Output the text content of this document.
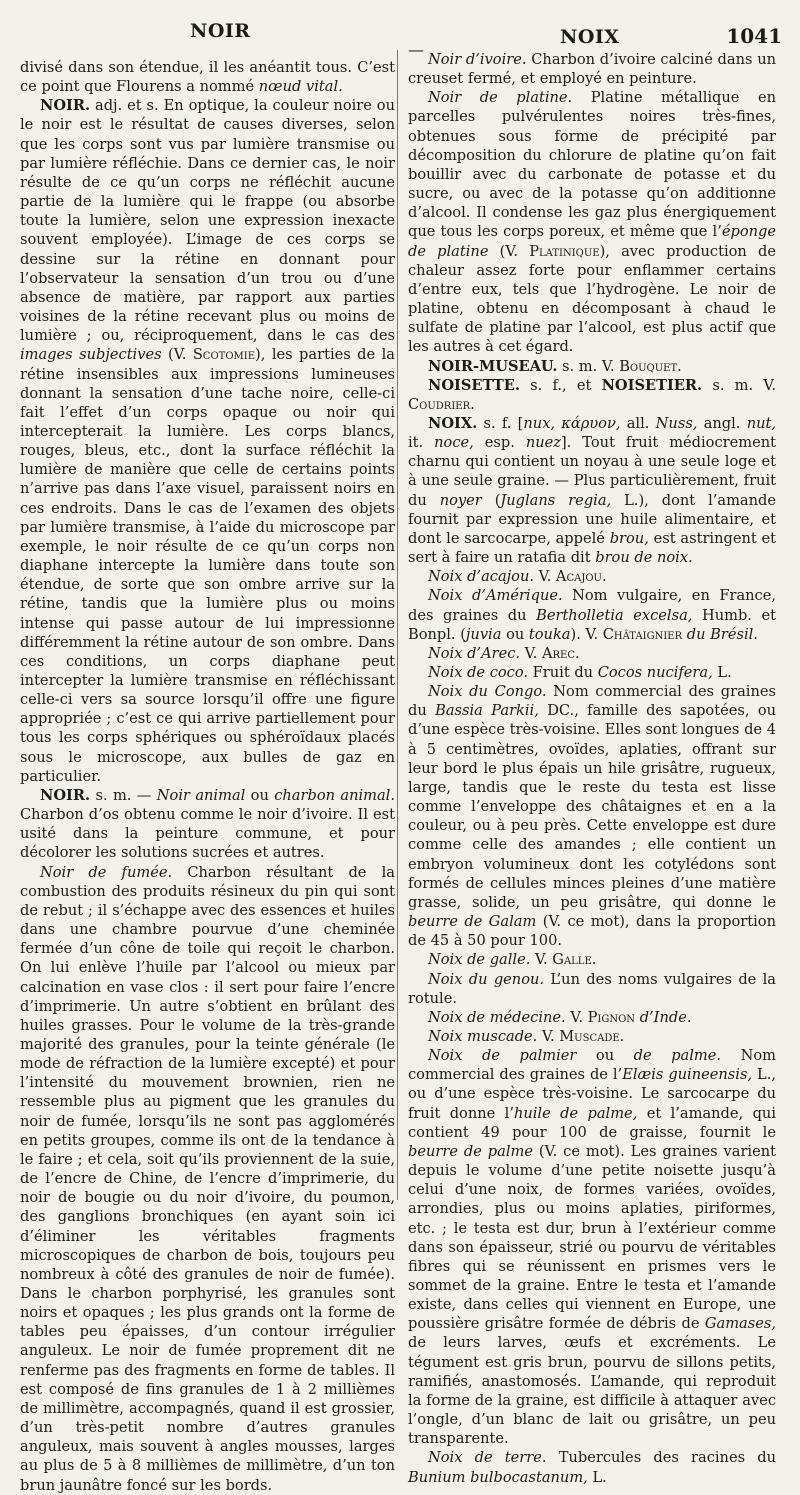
NOIR
—
NOIX	1041

divisé dans son étendue, il les anéantit tous. C’est ce point que Flourens a nommé nœud vital.

NOIR. adj. et s. En optique, la couleur noire ou le noir est le résultat de causes diverses, selon que les corps sont vus par lumière transmise ou par lumière réfléchie. Dans ce dernier cas, le noir résulte de ce qu’un corps ne réfléchit aucune partie de la lumière qui le frappe (ou absorbe toute la lumière, selon une expression inexacte souvent employée). L’image de ces corps se dessine sur la rétine en donnant pour l’observateur la sensation d’un trou ou d’une absence de matière, par rapport aux parties voisines de la rétine recevant plus ou moins de lumière ; ou, réciproquement, dans le cas des images subjectives (V. Scotomie), les parties de la rétine insensibles aux impressions lumineuses donnant la sensation d’une tache noire, celle-ci fait l’effet d’un corps opaque ou noir qui intercepterait la lumière. Les corps blancs, rouges, bleus, etc., dont la surface réfléchit la lumière de manière que celle de certains points n’arrive pas dans l’axe visuel, paraissent noirs en ces endroits. Dans le cas de l’examen des objets par lumière transmise, à l’aide du microscope par exemple, le noir résulte de ce qu’un corps non diaphane intercepte la lumière dans toute son étendue, de sorte que son ombre arrive sur la rétine, tandis que la lumière plus ou moins intense qui passe autour de lui impressionne différemment la rétine autour de son ombre. Dans ces conditions, un corps diaphane peut intercepter la lumière transmise en réfléchissant celle-ci vers sa source lorsqu’il offre une figure appropriée ; c’est ce qui arrive partiellement pour tous les corps sphériques ou sphéroïdaux placés sous le microscope, aux bulles de gaz en particulier.

NOIR. s. m. — Noir animal ou charbon animal. Charbon d’os obtenu comme le noir d’ivoire. Il est usité dans la peinture commune, et pour décolorer les solutions sucrées et autres.

Noir de fumée. Charbon résultant de la combustion des produits résineux du pin qui sont de rebut ; il s’échappe avec des essences et huiles dans une chambre pourvue d’une cheminée fermée d’un cône de toile qui reçoit le charbon. On lui enlève l’huile par l’alcool ou mieux par calcination en vase clos : il sert pour faire l’encre d’imprimerie. Un autre s’obtient en brûlant des huiles grasses. Pour le volume de la très-grande majorité des granules, pour la teinte générale (le mode de réfraction de la lumière excepté) et pour l’intensité du mouvement brownien, rien ne ressemble plus au pigment que les granules du noir de fumée, lorsqu’ils ne sont pas agglomérés en petits groupes, comme ils ont de la tendance à le faire ; et cela, soit qu’ils proviennent de la suie, de l’encre de Chine, de l’encre d’imprimerie, du noir de bougie ou du noir d’ivoire, du poumon, des ganglions bronchiques (en ayant soin ici d’éliminer les véritables fragments microscopiques de charbon de bois, toujours peu nombreux à côté des granules de noir de fumée). Dans le charbon porphyrisé, les granules sont noirs et opaques ; les plus grands ont la forme de tables peu épaisses, d’un contour irrégulier anguleux. Le noir de fumée proprement dit ne renferme pas des fragments en forme de tables. Il est composé de fins granules de 1 à 2 millièmes de millimètre, accompagnés, quand il est grossier, d’un très-petit nombre d’autres granules anguleux, mais souvent à angles mousses, larges au plus de 5 à 8 millièmes de millimètre, d’un ton brun jaunâtre foncé sur les bords.

Noir d’ivoire. Charbon d’ivoire calciné dans un creuset fermé, et employé en peinture.

Noir de platine. Platine métallique en parcelles pulvérulentes noires très-fines, obtenues sous forme de précipité par décomposition du chlorure de platine qu’on fait bouillir avec du carbonate de potasse et du sucre, ou avec de la potasse qu’on additionne d’alcool. Il condense les gaz plus énergiquement que tous les corps poreux, et même que l’éponge de platine (V. Platinique), avec production de chaleur assez forte pour enflammer certains d’entre eux, tels que l’hydrogène. Le noir de platine, obtenu en décomposant à chaud le sulfate de platine par l’alcool, est plus actif que les autres à cet égard.

NOIR-MUSEAU. s. m. V. Bouquet.

NOISETTE. s. f., et NOISETIER. s. m. V. Coudrier.

NOIX. s. f. [nux, κάρυον, all. Nuss, angl. nut, it. noce, esp. nuez]. Tout fruit médiocrement charnu qui contient un noyau à une seule loge et à une seule graine. — Plus particulièrement, fruit du noyer (Juglans regia, L.), dont l’amande fournit par expression une huile alimentaire, et dont le sarcocarpe, appelé brou, est astringent et sert à faire un ratafia dit brou de noix.

Noix d’acajou. V. Acajou.

Noix d’Amérique. Nom vulgaire, en France, des graines du Bertholletia excelsa, Humb. et Bonpl. (juvia ou touka). V. Châtaignier du Brésil.

Noix d’Arec. V. Arec.

Noix de coco. Fruit du Cocos nucifera, L.

Noix du Congo. Nom commercial des graines du Bassia Parkii, DC., famille des sapotées, ou d’une espèce très-voisine. Elles sont longues de 4 à 5 centimètres, ovoïdes, aplaties, offrant sur leur bord le plus épais un hile grisâtre, rugueux, large, tandis que le reste du testa est lisse comme l’enveloppe des châtaignes et en a la couleur, ou à peu près. Cette enveloppe est dure comme celle des amandes ; elle contient un embryon volumineux dont les cotylédons sont formés de cellules minces pleines d’une matière grasse, solide, un peu grisâtre, qui donne le beurre de Galam (V. ce mot), dans la proportion de 45 à 50 pour 100.

Noix de galle. V. Galle.

Noix du genou. L’un des noms vulgaires de la rotule.

Noix de médecine. V. Pignon d’Inde.

Noix muscade. V. Muscade.

Noix de palmier ou de palme. Nom commercial des graines de l’Elæis guineensis, L., ou d’une espèce très-voisine. Le sarcocarpe du fruit donne l’huile de palme, et l’amande, qui contient 49 pour 100 de graisse, fournit le beurre de palme (V. ce mot). Les graines varient depuis le volume d’une petite noisette jusqu’à celui d’une noix, de formes variées, ovoïdes, arrondies, plus ou moins aplaties, piriformes, etc. ; le testa est dur, brun à l’extérieur comme dans son épaisseur, strié ou pourvu de véritables fibres qui se réunissent en prismes vers le sommet de la graine. Entre le testa et l’amande existe, dans celles qui viennent en Europe, une poussière grisâtre formée de débris de Gamases, de leurs larves, œufs et excréments. Le tégument est gris brun, pourvu de sillons petits, ramifiés, anastomosés. L’amande, qui reproduit la forme de la graine, est difficile à attaquer avec l’ongle, d’un blanc de lait ou grisâtre, un peu transparente.

Noix de terre. Tubercules des racines du Bunium bulbocastanum, L.
